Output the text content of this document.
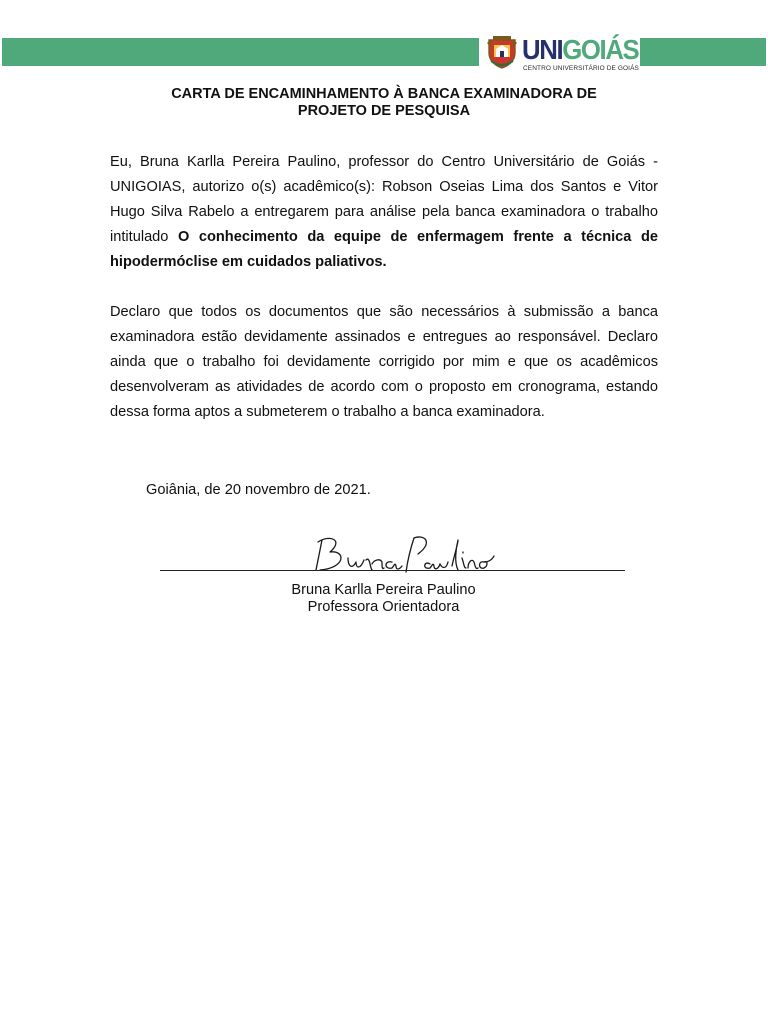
UNIGOIÁS
CENTRO UNIVERSITÁRIO DE GOIÁS
CARTA DE ENCAMINHAMENTO À BANCA EXAMINADORA DE
PROJETO DE PESQUISA

Eu, Bruna Karlla Pereira Paulino, professor do Centro Universitário de Goiás - UNIGOIAS, autorizo o(s) acadêmico(s): Robson Oseias Lima dos Santos e Vitor Hugo Silva Rabelo a entregarem para análise pela banca examinadora o trabalho intitulado O conhecimento da equipe de enfermagem frente a técnica de hipodermóclise em cuidados paliativos.

Declaro que todos os documentos que são necessários à submissão a banca examinadora estão devidamente assinados e entregues ao responsável. Declaro ainda que o trabalho foi devidamente corrigido por mim e que os acadêmicos desenvolveram as atividades de acordo com o proposto em cronograma, estando dessa forma aptos a submeterem o trabalho a banca examinadora.

Goiânia, de 20 novembro de 2021.
Bruna Karlla Pereira Paulino
Professora Orientadora
